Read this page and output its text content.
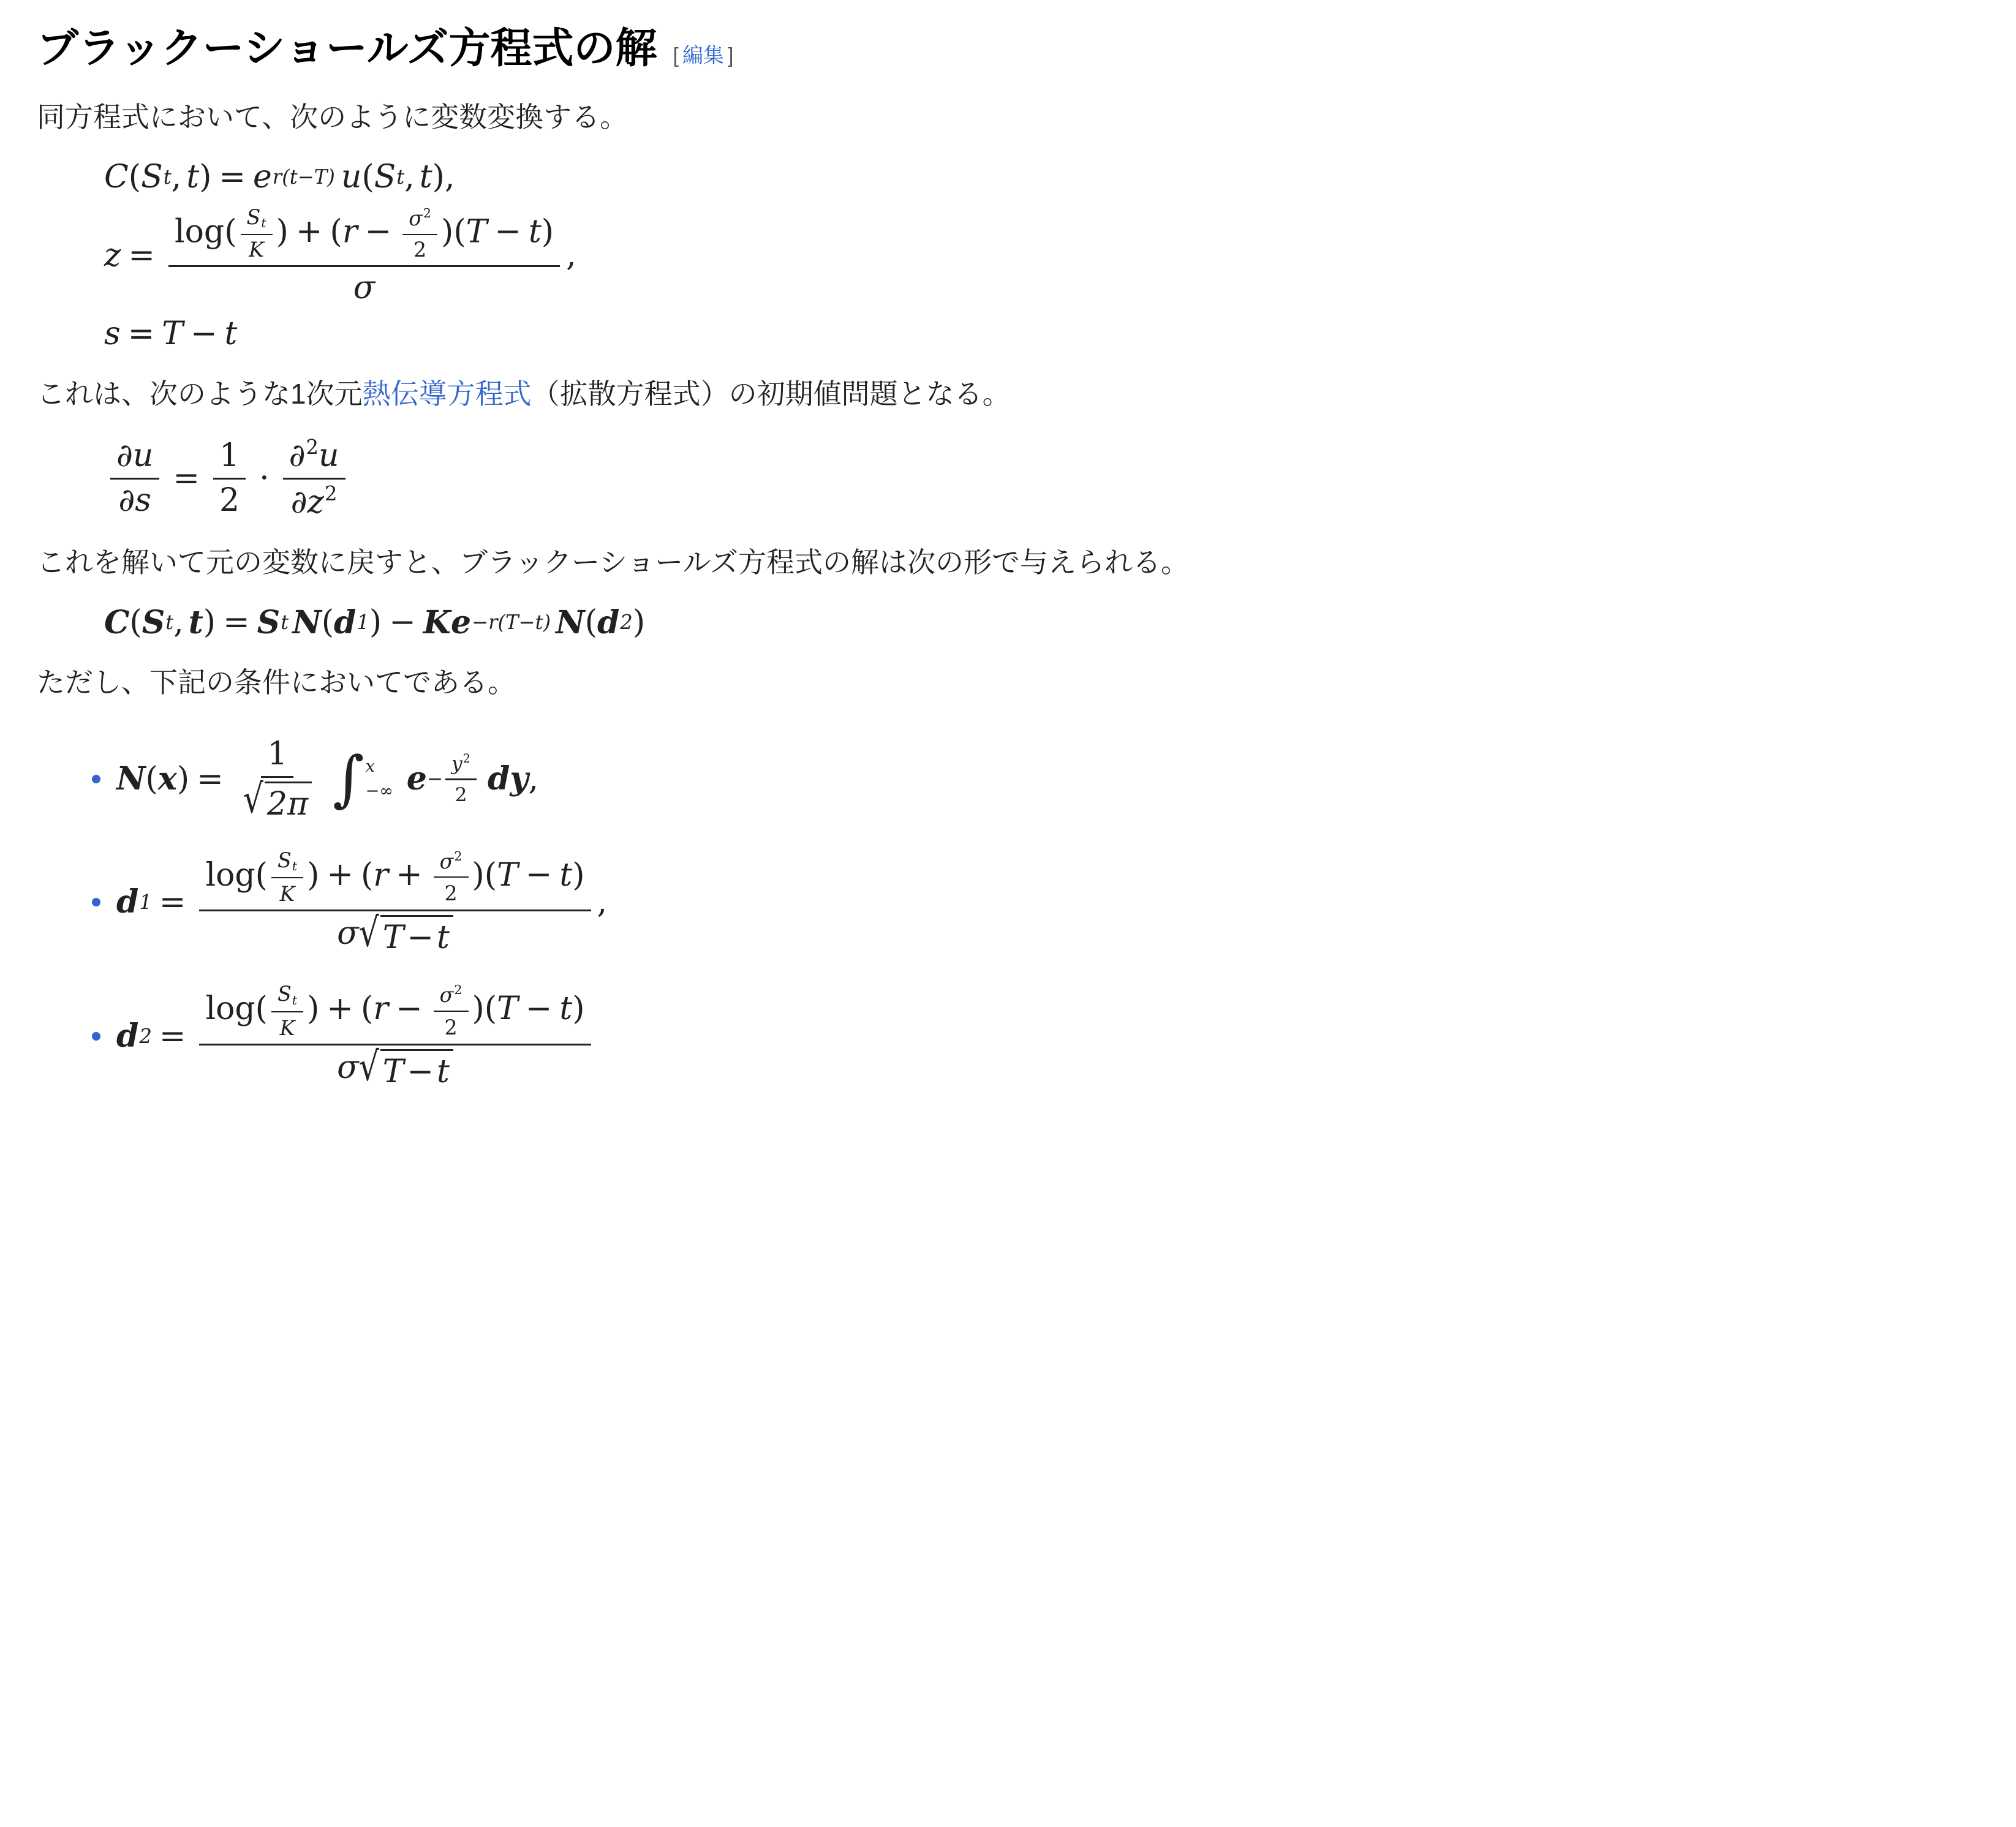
ブラックーショールズ方程式の解 [ 編集 ]

同方程式において、次のように変数変換する。

C ( S t , t ) = e r(t−T) u ( S t , t ) ,
$z = \frac{\log( \frac{S_t}{K} ) + (r - \frac{\sigma^2}{2} )(T - t)}{\sigma}$ ,
s = T − t

これは、次のような1次元熱伝導方程式（拡散方程式）の初期値問題となる。

$\frac{\partial u}{\partial s} = \frac{1}{2} \cdot \frac{\partial^2u}{\partial z^2}$

これを解いて元の変数に戻すと、ブラックーショールズ方程式の解は次の形で与えられる。

C ( S t , t ) = S t N ( d 1 ) − K e −r(T−t) N ( d 2 )

ただし、下記の条件においてである。

N ( x ) = $\frac{1}{√ 2\pi}$ ∫ x
−∞ $e - \frac{y^2}{2}$ dy ,
d $1 = \frac{\log( \frac{S_t}{K} ) + (r + \frac{\sigma^2}{2} )(T - t)}{\sigma √ T-t}$ ,
d $2 = \frac{\log( \frac{S_t}{K} ) + (r - \frac{\sigma^2}{2} )(T - t)}{\sigma √ T-t}$
